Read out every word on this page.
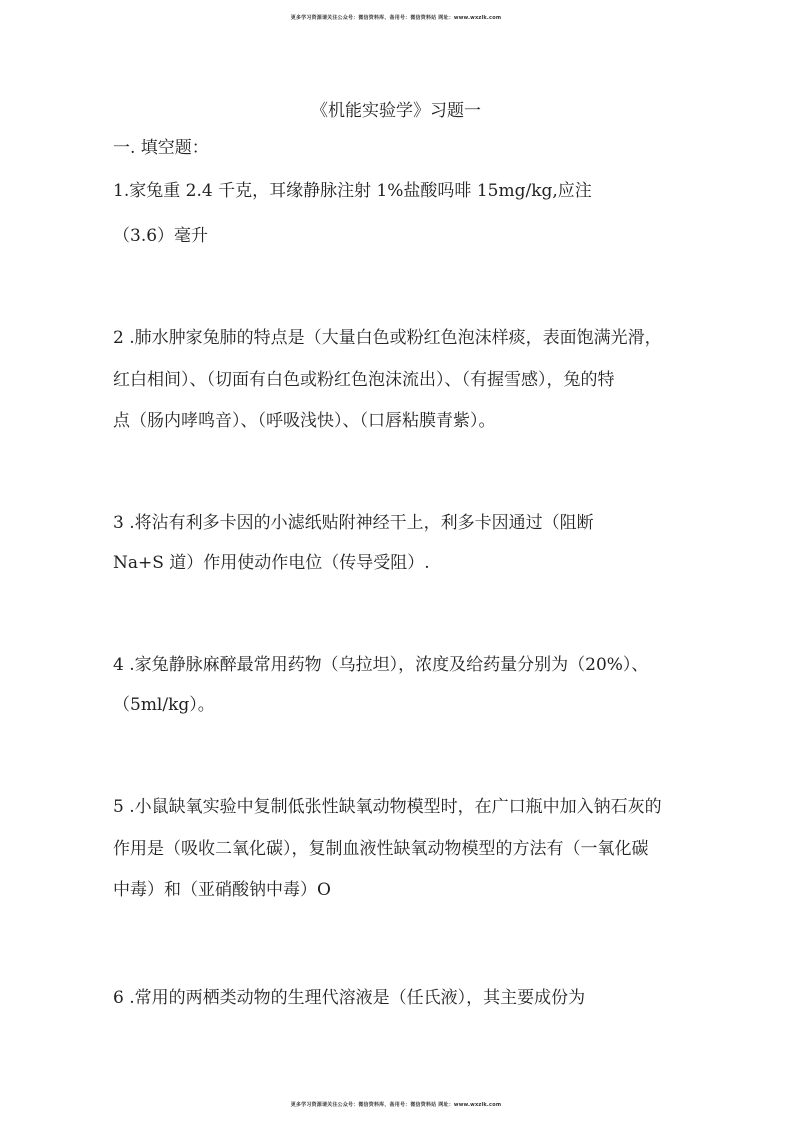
更多学习资源请关注公众号：微信资料库、备用号：微信资料站 网址：www.wxzlk.com
《机能实验学》习题一
一. 填空题：
1.家兔重 2.4 千克，耳缘静脉注射 1%盐酸吗啡 15mg/kg,应注
（3.6）毫升
2 .肺水肿家兔肺的特点是（大量白色或粉红色泡沫样痰，表面饱满光滑，
红白相间）、（切面有白色或粉红色泡沫流出）、（有握雪感），兔的特
点（肠内哮鸣音）、（呼吸浅快）、（口唇粘膜青紫）。
3 .将沾有利多卡因的小滤纸贴附神经干上，利多卡因通过（阻断
Na+S 道）作用使动作电位（传导受阻）.
4 .家兔静脉麻醉最常用药物（乌拉坦），浓度及给药量分别为（20%）、
（5ml/kg）。
5 .小鼠缺氧实验中复制低张性缺氧动物模型时，在广口瓶中加入钠石灰的
作用是（吸收二氧化碳），复制血液性缺氧动物模型的方法有（一氧化碳
中毒）和（亚硝酸钠中毒）O
6 .常用的两栖类动物的生理代溶液是（任氏液），其主要成份为
更多学习资源请关注公众号：微信资料库、备用号：微信资料站 网址：www.wxzlk.com
